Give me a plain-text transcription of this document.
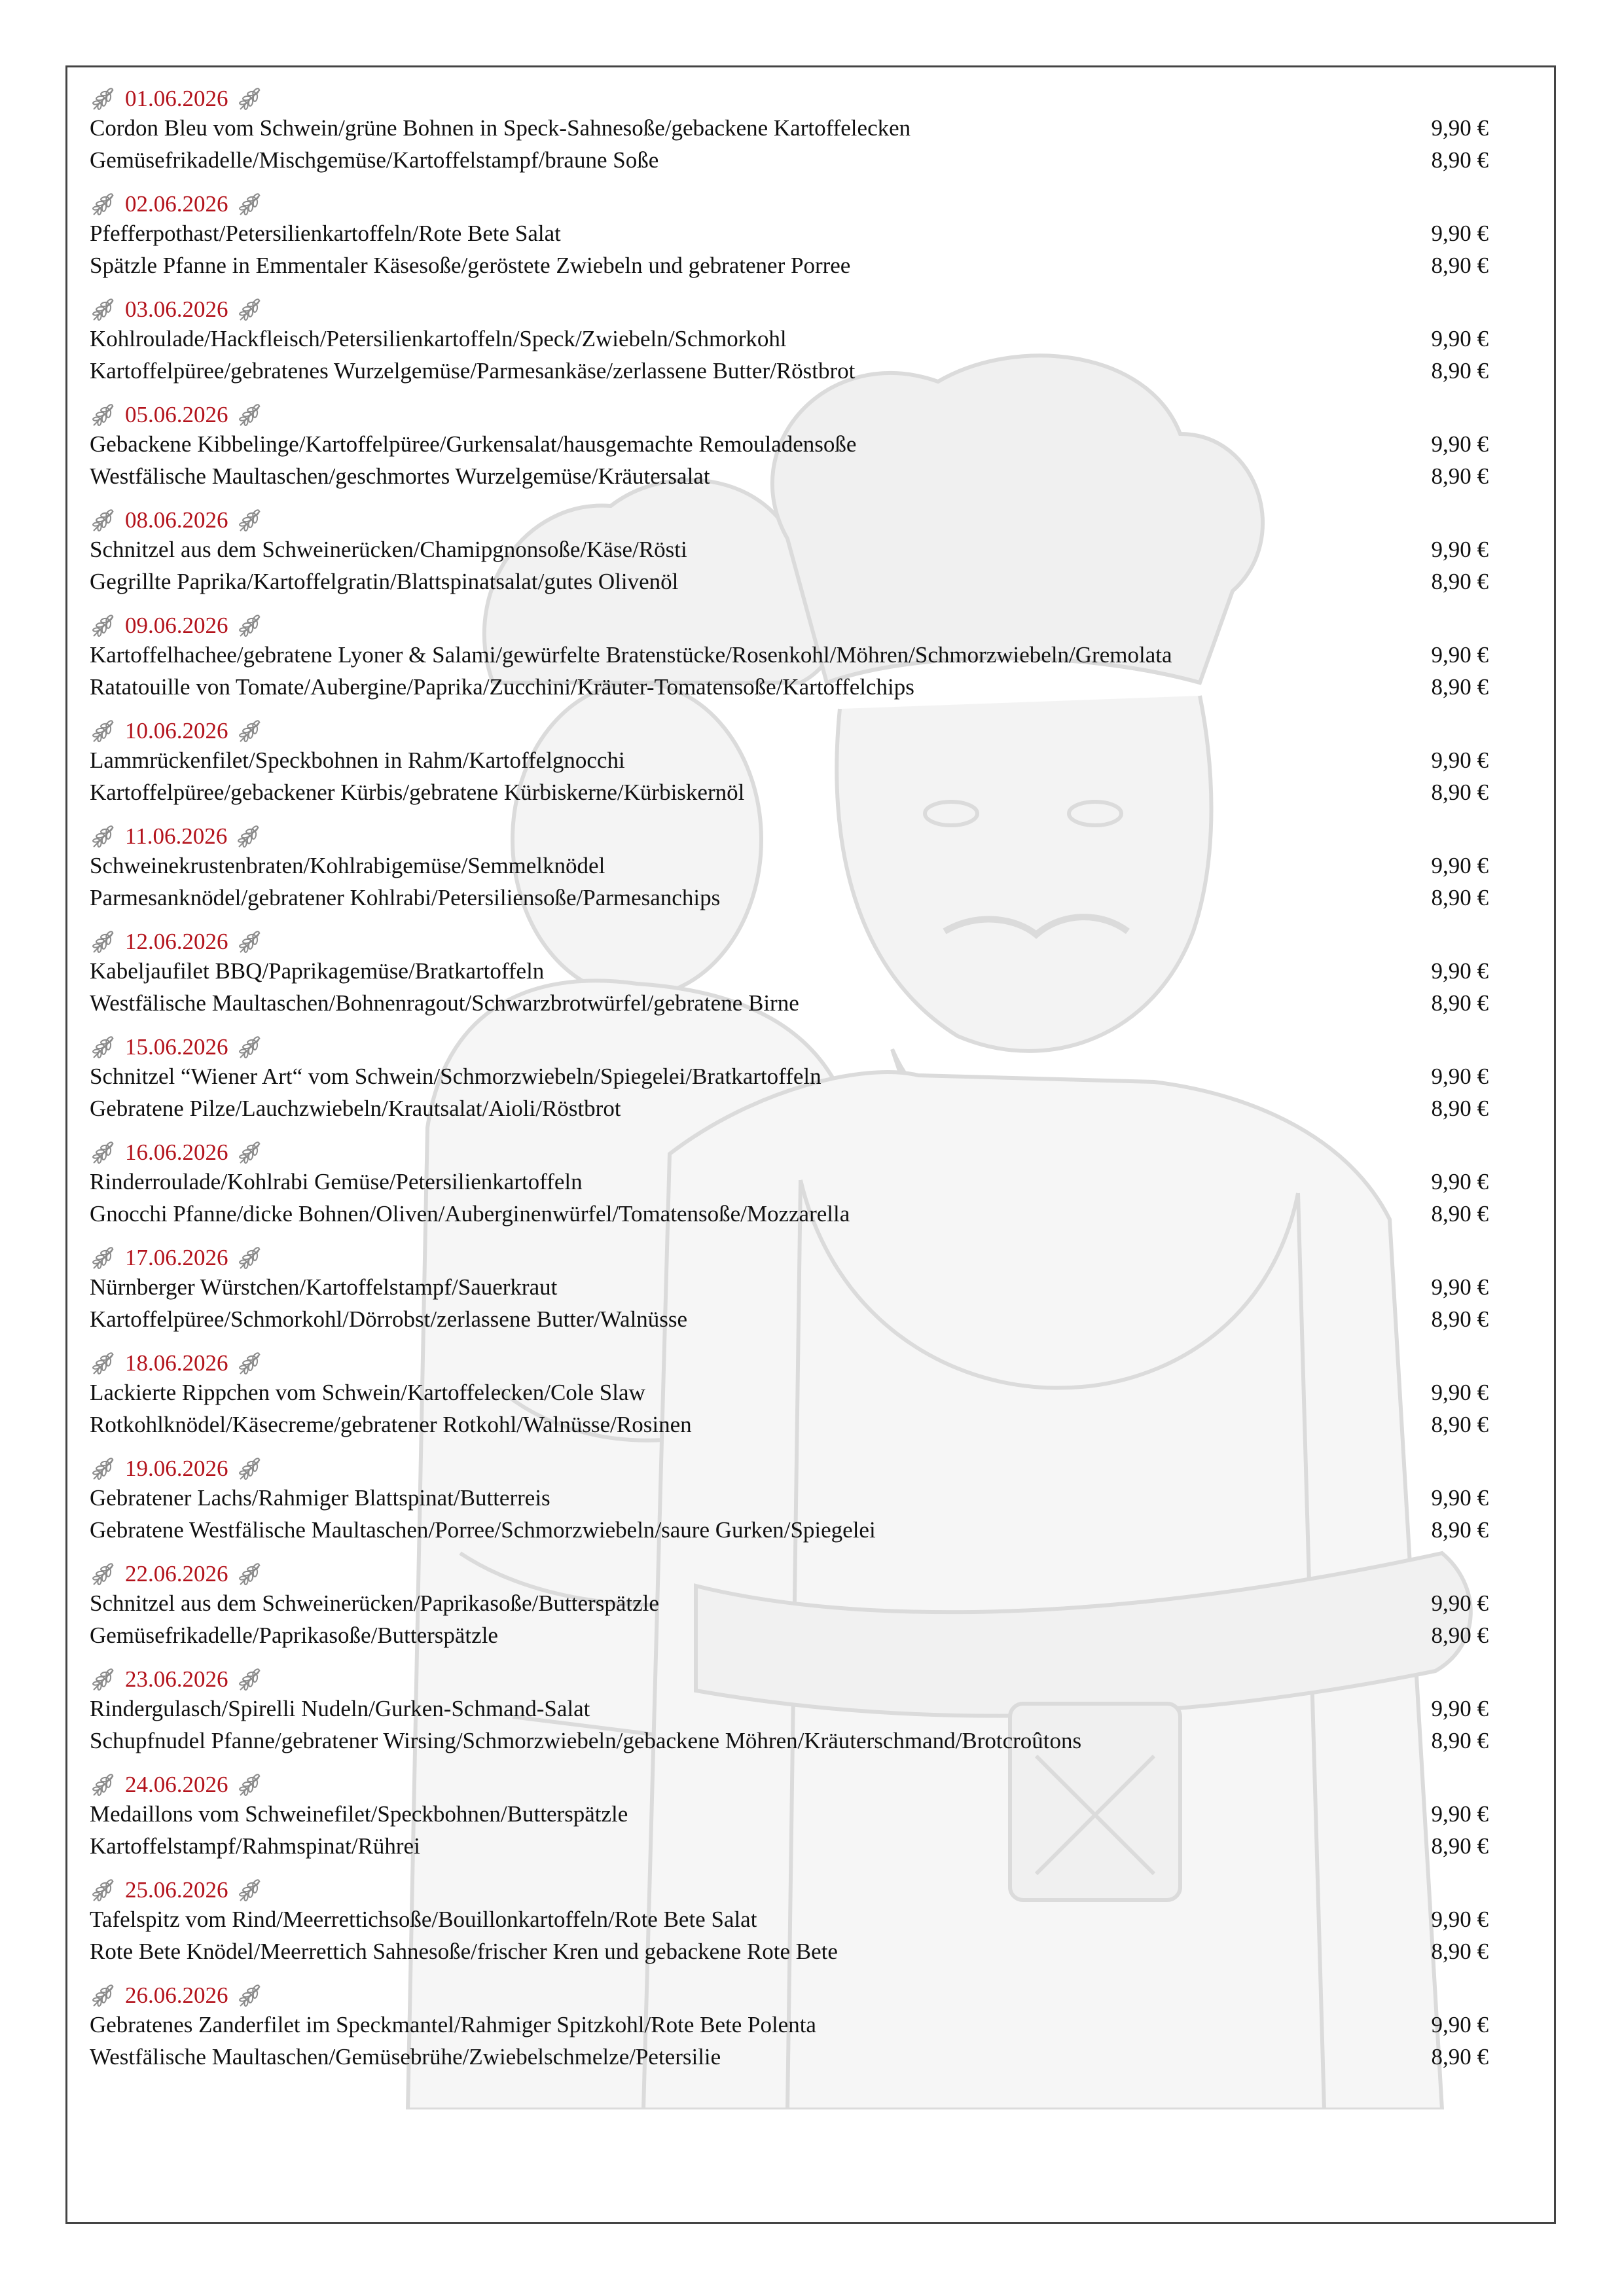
01.06.2026
Cordon Bleu vom Schwein/grüne Bohnen in Speck-Sahnesoße/gebackene Kartoffelecken	9,90 €
Gemüsefrikadelle/Mischgemüse/Kartoffelstampf/braune Soße	8,90 €
02.06.2026
Pfefferpothast/Petersilienkartoffeln/Rote Bete Salat	9,90 €
Spätzle Pfanne in Emmentaler Käsesoße/geröstete Zwiebeln und gebratener Porree	8,90 €
03.06.2026
Kohlroulade/Hackfleisch/Petersilienkartoffeln/Speck/Zwiebeln/Schmorkohl	9,90 €
Kartoffelpüree/gebratenes Wurzelgemüse/Parmesankäse/zerlassene Butter/Röstbrot	8,90 €
05.06.2026
Gebackene Kibbelinge/Kartoffelpüree/Gurkensalat/hausgemachte Remouladensoße	9,90 €
Westfälische Maultaschen/geschmortes Wurzelgemüse/Kräutersalat	8,90 €
08.06.2026
Schnitzel aus dem Schweinerücken/Chamipgnonsoße/Käse/Rösti	9,90 €
Gegrillte Paprika/Kartoffelgratin/Blattspinatsalat/gutes Olivenöl	8,90 €
09.06.2026
Kartoffelhachee/gebratene Lyoner & Salami/gewürfelte Bratenstücke/Rosenkohl/Möhren/Schmorzwiebeln/Gremolata	9,90 €
Ratatouille von Tomate/Aubergine/Paprika/Zucchini/Kräuter-Tomatensoße/Kartoffelchips	8,90 €
10.06.2026
Lammrückenfilet/Speckbohnen in Rahm/Kartoffelgnocchi	9,90 €
Kartoffelpüree/gebackener Kürbis/gebratene Kürbiskerne/Kürbiskernöl	8,90 €
11.06.2026
Schweinekrustenbraten/Kohlrabigemüse/Semmelknödel	9,90 €
Parmesanknödel/gebratener Kohlrabi/Petersiliensoße/Parmesanchips	8,90 €
12.06.2026
Kabeljaufilet BBQ/Paprikagemüse/Bratkartoffeln	9,90 €
Westfälische Maultaschen/Bohnenragout/Schwarzbrotwürfel/gebratene Birne	8,90 €
15.06.2026
Schnitzel “Wiener Art“ vom Schwein/Schmorzwiebeln/Spiegelei/Bratkartoffeln	9,90 €
Gebratene Pilze/Lauchzwiebeln/Krautsalat/Aioli/Röstbrot	8,90 €
16.06.2026
Rinderroulade/Kohlrabi Gemüse/Petersilienkartoffeln	9,90 €
Gnocchi Pfanne/dicke Bohnen/Oliven/Auberginenwürfel/Tomatensoße/Mozzarella	8,90 €
17.06.2026
Nürnberger Würstchen/Kartoffelstampf/Sauerkraut	9,90 €
Kartoffelpüree/Schmorkohl/Dörrobst/zerlassene Butter/Walnüsse	8,90 €
18.06.2026
Lackierte Rippchen vom Schwein/Kartoffelecken/Cole Slaw	9,90 €
Rotkohlknödel/Käsecreme/gebratener Rotkohl/Walnüsse/Rosinen	8,90 €
19.06.2026
Gebratener Lachs/Rahmiger Blattspinat/Butterreis	9,90 €
Gebratene Westfälische Maultaschen/Porree/Schmorzwiebeln/saure Gurken/Spiegelei	8,90 €
22.06.2026
Schnitzel aus dem Schweinerücken/Paprikasoße/Butterspätzle	9,90 €
Gemüsefrikadelle/Paprikasoße/Butterspätzle	8,90 €
23.06.2026
Rindergulasch/Spirelli Nudeln/Gurken-Schmand-Salat	9,90 €
Schupfnudel Pfanne/gebratener Wirsing/Schmorzwiebeln/gebackene Möhren/Kräuterschmand/Brotcroûtons	8,90 €
24.06.2026
Medaillons vom Schweinefilet/Speckbohnen/Butterspätzle	9,90 €
Kartoffelstampf/Rahmspinat/Rührei	8,90 €
25.06.2026
Tafelspitz vom Rind/Meerrettichsoße/Bouillonkartoffeln/Rote Bete Salat	9,90 €
Rote Bete Knödel/Meerrettich Sahnesoße/frischer Kren und gebackene Rote Bete	8,90 €
26.06.2026
Gebratenes Zanderfilet im Speckmantel/Rahmiger Spitzkohl/Rote Bete Polenta	9,90 €
Westfälische Maultaschen/Gemüsebrühe/Zwiebelschmelze/Petersilie	8,90 €
